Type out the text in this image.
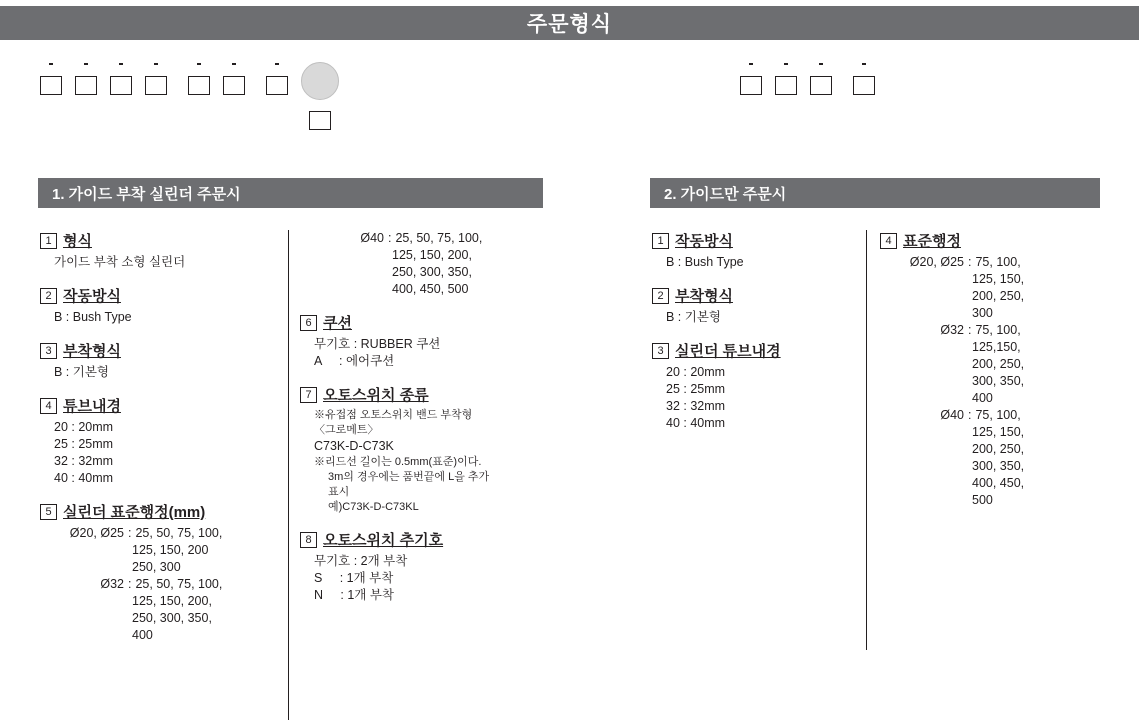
주문형식
1. 가이드 부착 실린더 주문시	2. 가이드만 주문시
1 형식
가이드 부착 소형 실린더
2 작동방식
B : Bush Type
3 부착형식
B : 기본형
4 튜브내경
20 : 20mm
25 : 25mm
32 : 32mm
40 : 40mm
5 실린더 표준행정(mm)
Ø20, Ø25 : 25, 50, 75, 100,
125, 150, 200
250, 300
Ø32 : 25, 50, 75, 100,
125, 150, 200,
250, 300, 350,
400
Ø40 : 25, 50, 75, 100,
125, 150, 200,
250, 300, 350,
400, 450, 500
6 쿠션
무기호 : RUBBER 쿠션
A     : 에어쿠션
7 오토스위치 종류
※유접점 오토스위치 밴드 부착형
〈그로메트〉
C73K-D-C73K
※리드선 길이는 0.5mm(표준)이다.
3m의 경우에는 품번끝에 L을 추가
표시
예)C73K-D-C73KL
8 오토스위치 추기호
무기호 : 2개 부착
S     : 1개 부착
N     : 1개 부착
1 작동방식
B : Bush Type
2 부착형식
B : 기본형
3 실린더 튜브내경
20 : 20mm
25 : 25mm
32 : 32mm
40 : 40mm
4 표준행정
Ø20, Ø25 : 75, 100,
125, 150,
200, 250,
300
Ø32 : 75, 100,
125,150,
200, 250,
300, 350,
400
Ø40 : 75, 100,
125, 150,
200, 250,
300, 350,
400, 450,
500
